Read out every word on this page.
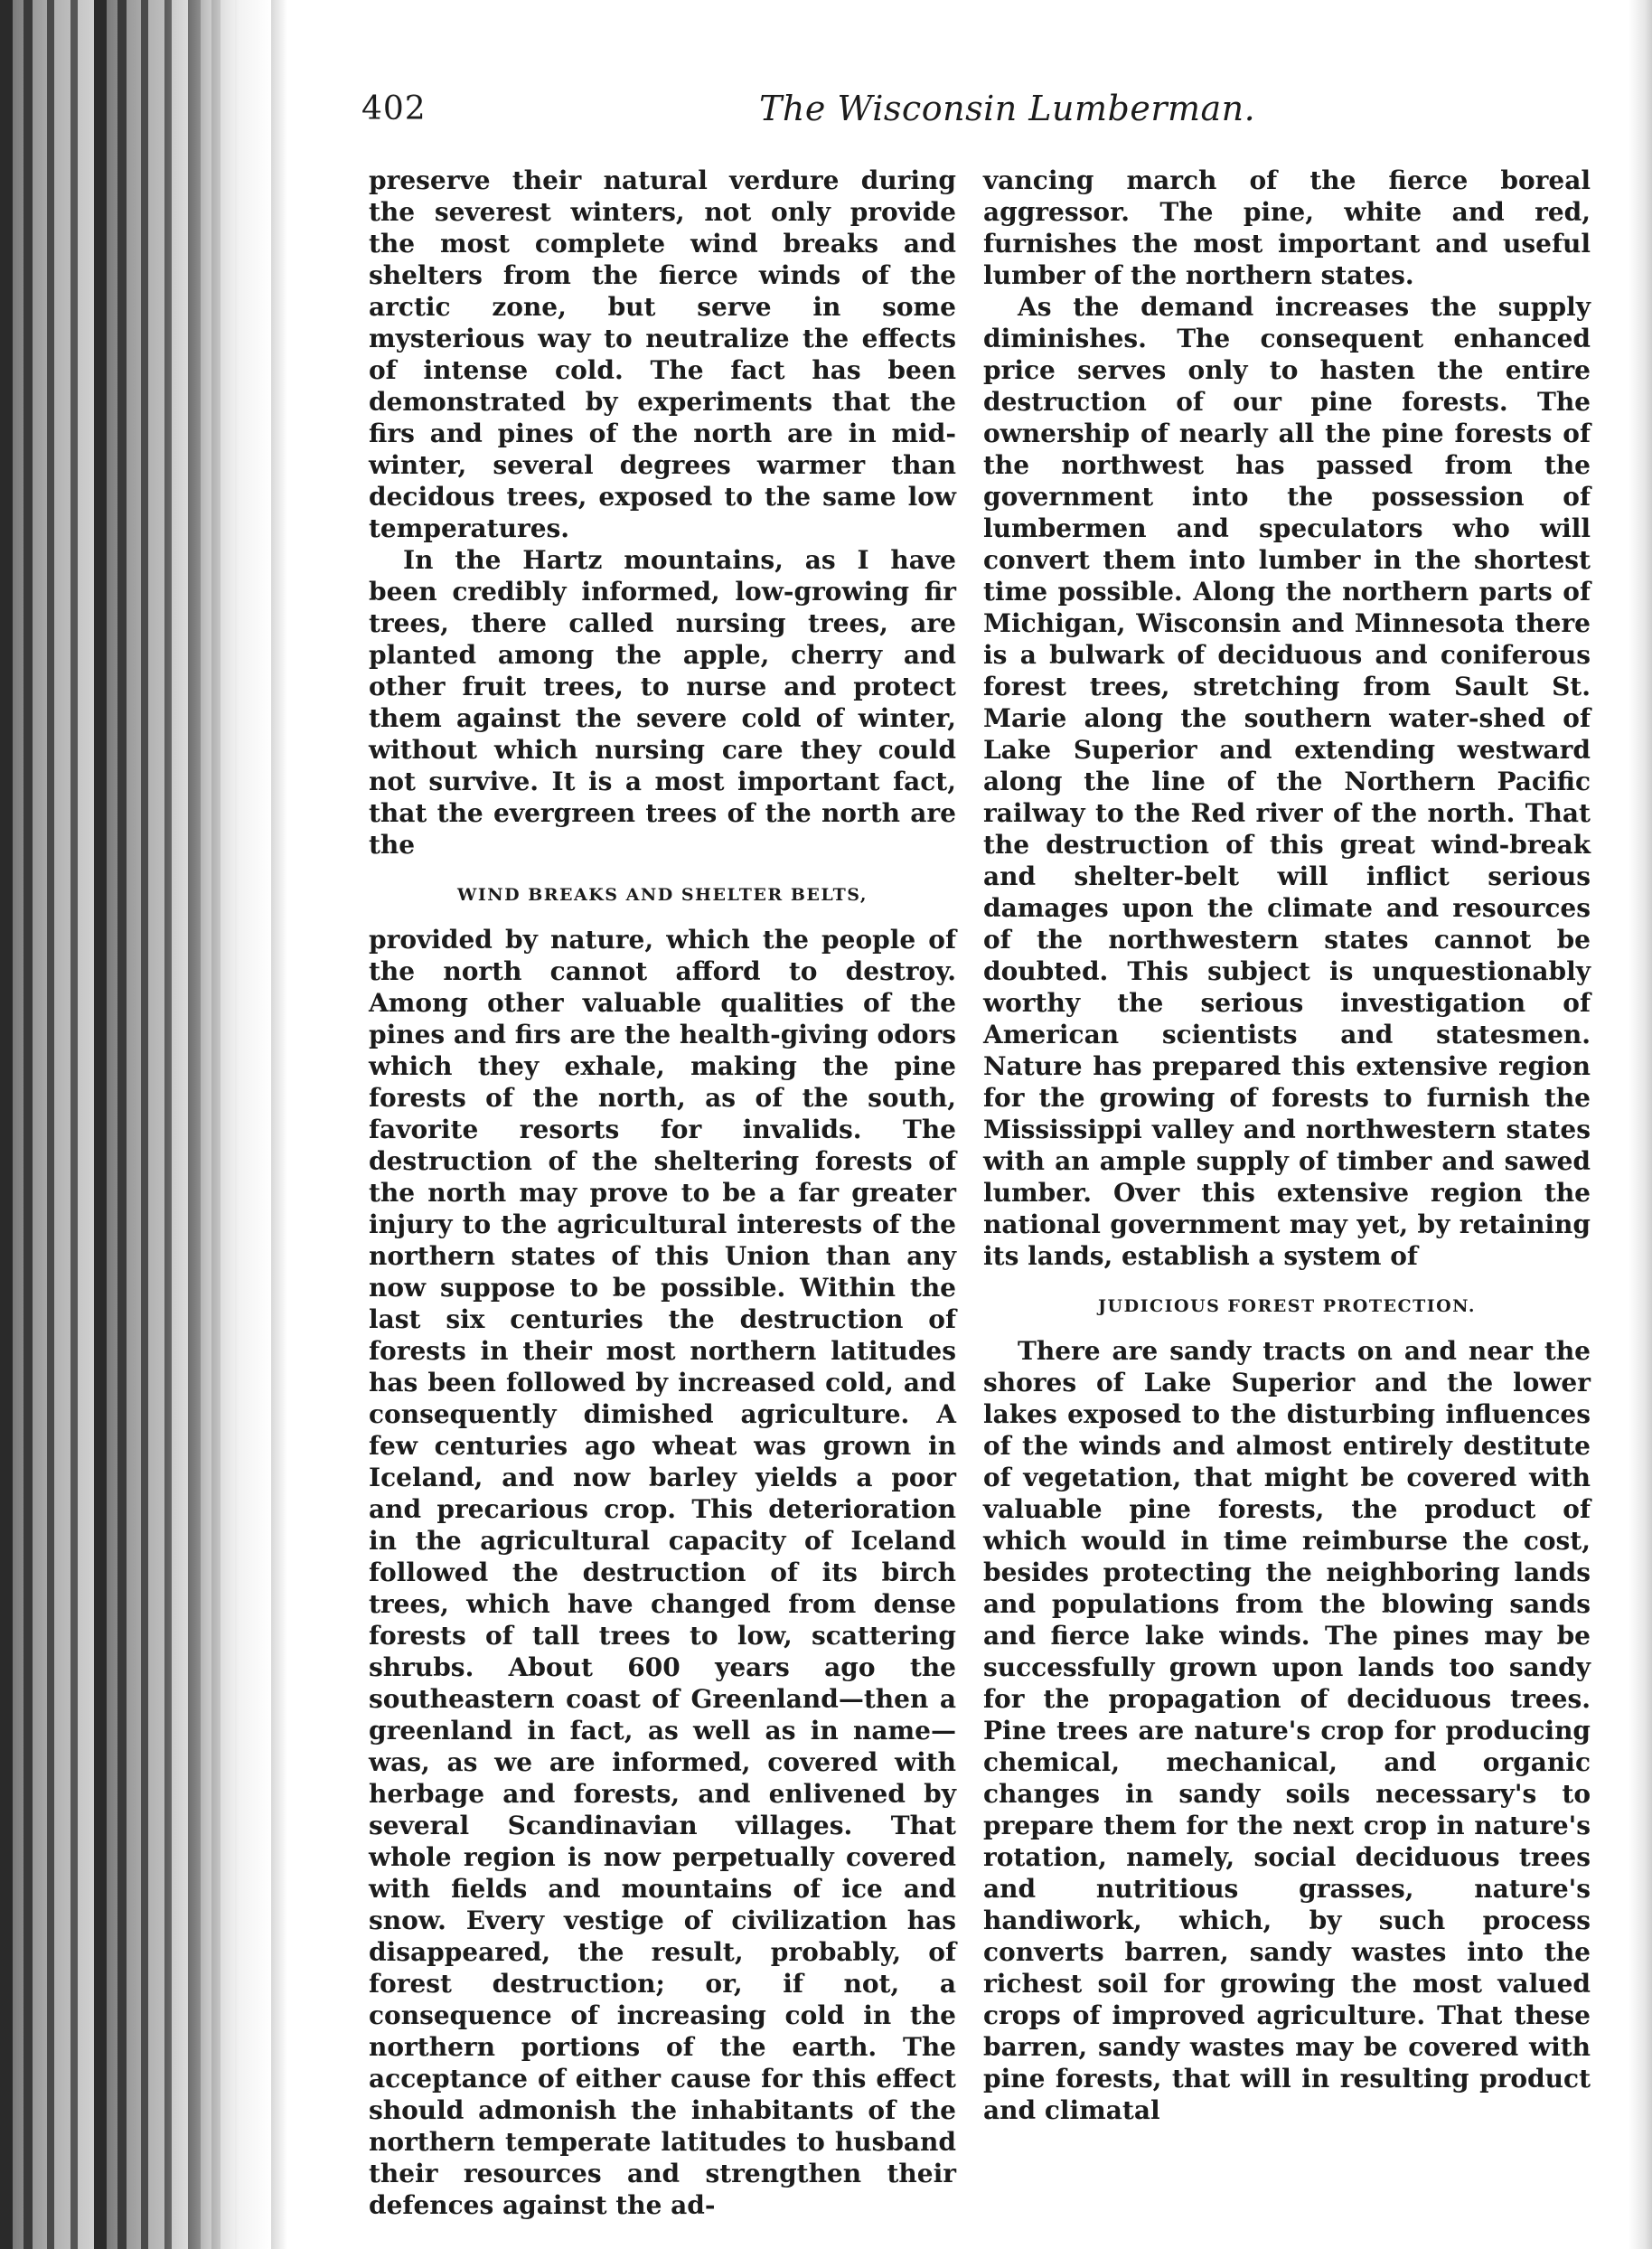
402	The Wisconsin Lumberman.

preserve their natural verdure during the severest winters, not only provide the most complete wind breaks and shelters from the fierce winds of the arctic zone, but serve in some mysterious way to neutralize the effects of intense cold. The fact has been demonstrated by experiments that the firs and pines of the north are in mid-winter, several degrees warmer than decidous trees, exposed to the same low temperatures.

In the Hartz mountains, as I have been credibly informed, low-growing fir trees, there called nursing trees, are planted among the apple, cherry and other fruit trees, to nurse and protect them against the severe cold of winter, without which nursing care they could not survive. It is a most important fact, that the evergreen trees of the north are the

WIND BREAKS AND SHELTER BELTS,

provided by nature, which the people of the north cannot afford to destroy. Among other valuable qualities of the pines and firs are the health-giving odors which they exhale, making the pine forests of the north, as of the south, favorite resorts for invalids. The destruction of the sheltering forests of the north may prove to be a far greater injury to the agricultural interests of the northern states of this Union than any now suppose to be possible. Within the last six centuries the destruction of forests in their most northern latitudes has been followed by increased cold, and consequently dimished agriculture. A few centuries ago wheat was grown in Iceland, and now barley yields a poor and precarious crop. This deterioration in the agricultural capacity of Iceland followed the destruction of its birch trees, which have changed from dense forests of tall trees to low, scattering shrubs. About 600 years ago the southeastern coast of Greenland—then a greenland in fact, as well as in name—was, as we are informed, covered with herbage and forests, and enlivened by several Scandinavian villages. That whole region is now perpetually covered with fields and mountains of ice and snow. Every vestige of civilization has disappeared, the result, probably, of forest destruction; or, if not, a consequence of increasing cold in the northern portions of the earth. The acceptance of either cause for this effect should admonish the inhabitants of the northern temperate latitudes to husband their resources and strengthen their defences against the ad-

vancing march of the fierce boreal aggressor. The pine, white and red, furnishes the most important and useful lumber of the northern states.

As the demand increases the supply diminishes. The consequent enhanced price serves only to hasten the entire destruction of our pine forests. The ownership of nearly all the pine forests of the northwest has passed from the government into the possession of lumbermen and speculators who will convert them into lumber in the shortest time possible. Along the northern parts of Michigan, Wisconsin and Minnesota there is a bulwark of deciduous and coniferous forest trees, stretching from Sault St. Marie along the southern water-shed of Lake Superior and extending westward along the line of the Northern Pacific railway to the Red river of the north. That the destruction of this great wind-break and shelter-belt will inflict serious damages upon the climate and resources of the northwestern states cannot be doubted. This subject is unquestionably worthy the serious investigation of American scientists and statesmen. Nature has prepared this extensive region for the growing of forests to furnish the Mississippi valley and northwestern states with an ample supply of timber and sawed lumber. Over this extensive region the national government may yet, by retaining its lands, establish a system of

JUDICIOUS FOREST PROTECTION.

There are sandy tracts on and near the shores of Lake Superior and the lower lakes exposed to the disturbing influences of the winds and almost entirely destitute of vegetation, that might be covered with valuable pine forests, the product of which would in time reimburse the cost, besides protecting the neighboring lands and populations from the blowing sands and fierce lake winds. The pines may be successfully grown upon lands too sandy for the propagation of deciduous trees. Pine trees are nature's crop for producing chemical, mechanical, and organic changes in sandy soils necessary's to prepare them for the next crop in nature's rotation, namely, social deciduous trees and nutritious grasses, nature's handiwork, which, by such process converts barren, sandy wastes into the richest soil for growing the most valued crops of improved agriculture. That these barren, sandy wastes may be covered with pine forests, that will in resulting product and climatal
